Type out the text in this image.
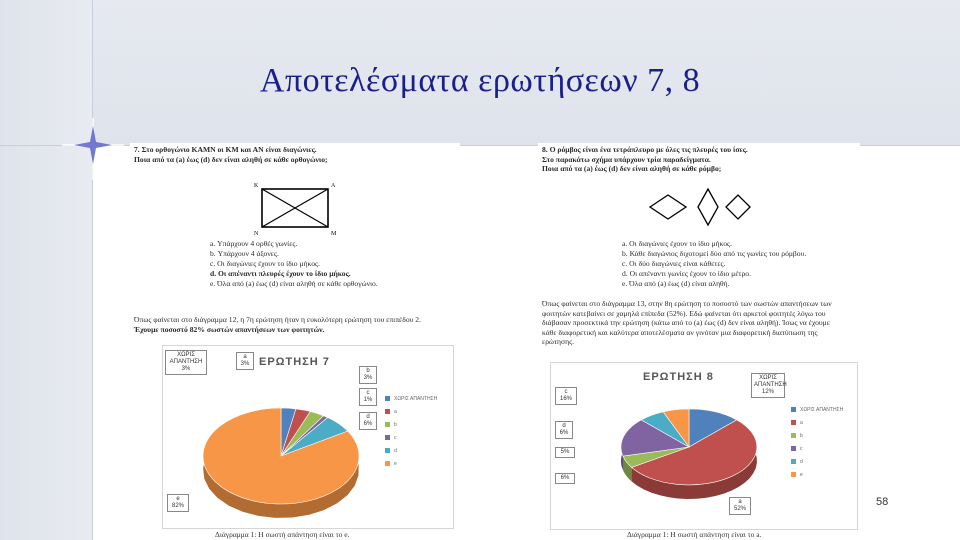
Αποτελέσματα ερωτήσεων 7, 8

7. Στο ορθογώνιο ΚΑΜΝ οι ΚΜ και ΑΝ είναι διαγώνιες.

Ποια από τα (a) έως (d) δεν είναι αληθή σε κάθε ορθογώνιο;

K	A
N	M

a. Υπάρχουν 4 ορθές γωνίες.

b. Υπάρχουν 4 άξονες.

c. Οι διαγώνιες έχουν το ίδιο μήκος.

d. Οι απέναντι πλευρές έχουν το ίδιο μήκος.

e. Όλα από (a) έως (d) είναι αληθή σε κάθε ορθογώνιο.

Όπως φαίνεται στο διάγραμμα 12, η 7η ερώτηση ήταν η ευκολότερη ερώτηση του επιπέδου 2.

Έχουμε ποσοστό 82% σωστών απαντήσεων των φοιτητών.

8. Ο ρόμβος είναι ένα τετράπλευρο με όλες τις πλευρές του ίσες.

Στο παρακάτω σχήμα υπάρχουν τρία παραδείγματα.

Ποια από τα (a) έως (d) δεν είναι αληθή σε κάθε ρόμβο;

a. Οι διαγώνιες έχουν το ίδιο μήκος.

b. Κάθε διαγώνιος διχοτομεί δύο από τις γωνίες του ρόμβου.

c. Οι δύο διαγώνιες είναι κάθετες.

d. Οι απέναντι γωνίες έχουν το ίδιο μέτρο.

e. Όλα από (a) έως (d) είναι αληθή.

Όπως φαίνεται στο διάγραμμα 13, στην 8η ερώτηση το ποσοστό των σωστών απαντήσεων των

φοιτητών κατεβαίνει σε χαμηλά επίπεδα (52%). Εδώ φαίνεται ότι αρκετοί φοιτητές λόγω του

διάβασαν προσεκτικά την ερώτηση (κάτω από το (a) έως (d) δεν είναι αληθή). Ίσως να έχουμε

κάθε διαφορετική και καλύτερα αποτελέσματα αν γινόταν μια διαφορετική διατύπωση της

ερώτησης.

ΕΡΩΤΗΣΗ 7
ΧΩΡΙΣ
ΑΠΑΝΤΗΣΗ
3%
a
3%
b
3%
c
1%
d
6%
e
82%
ΧΩΡΙΣ ΑΠΑΝΤΗΣΗ
a
b
c
d
e
Διάγραμμα 1: Η σωστή απάντηση είναι το e.
ΕΡΩΤΗΣΗ 8	ΧΩΡΙΣ
ΑΠΑΝΤΗΣΗ
12%
a
52%
5%
c
16%
d
6%
6%
ΧΩΡΙΣ ΑΠΑΝΤΗΣΗ
a
b
c
d
e
Διάγραμμα 1: Η σωστή απάντηση είναι το a.
58
